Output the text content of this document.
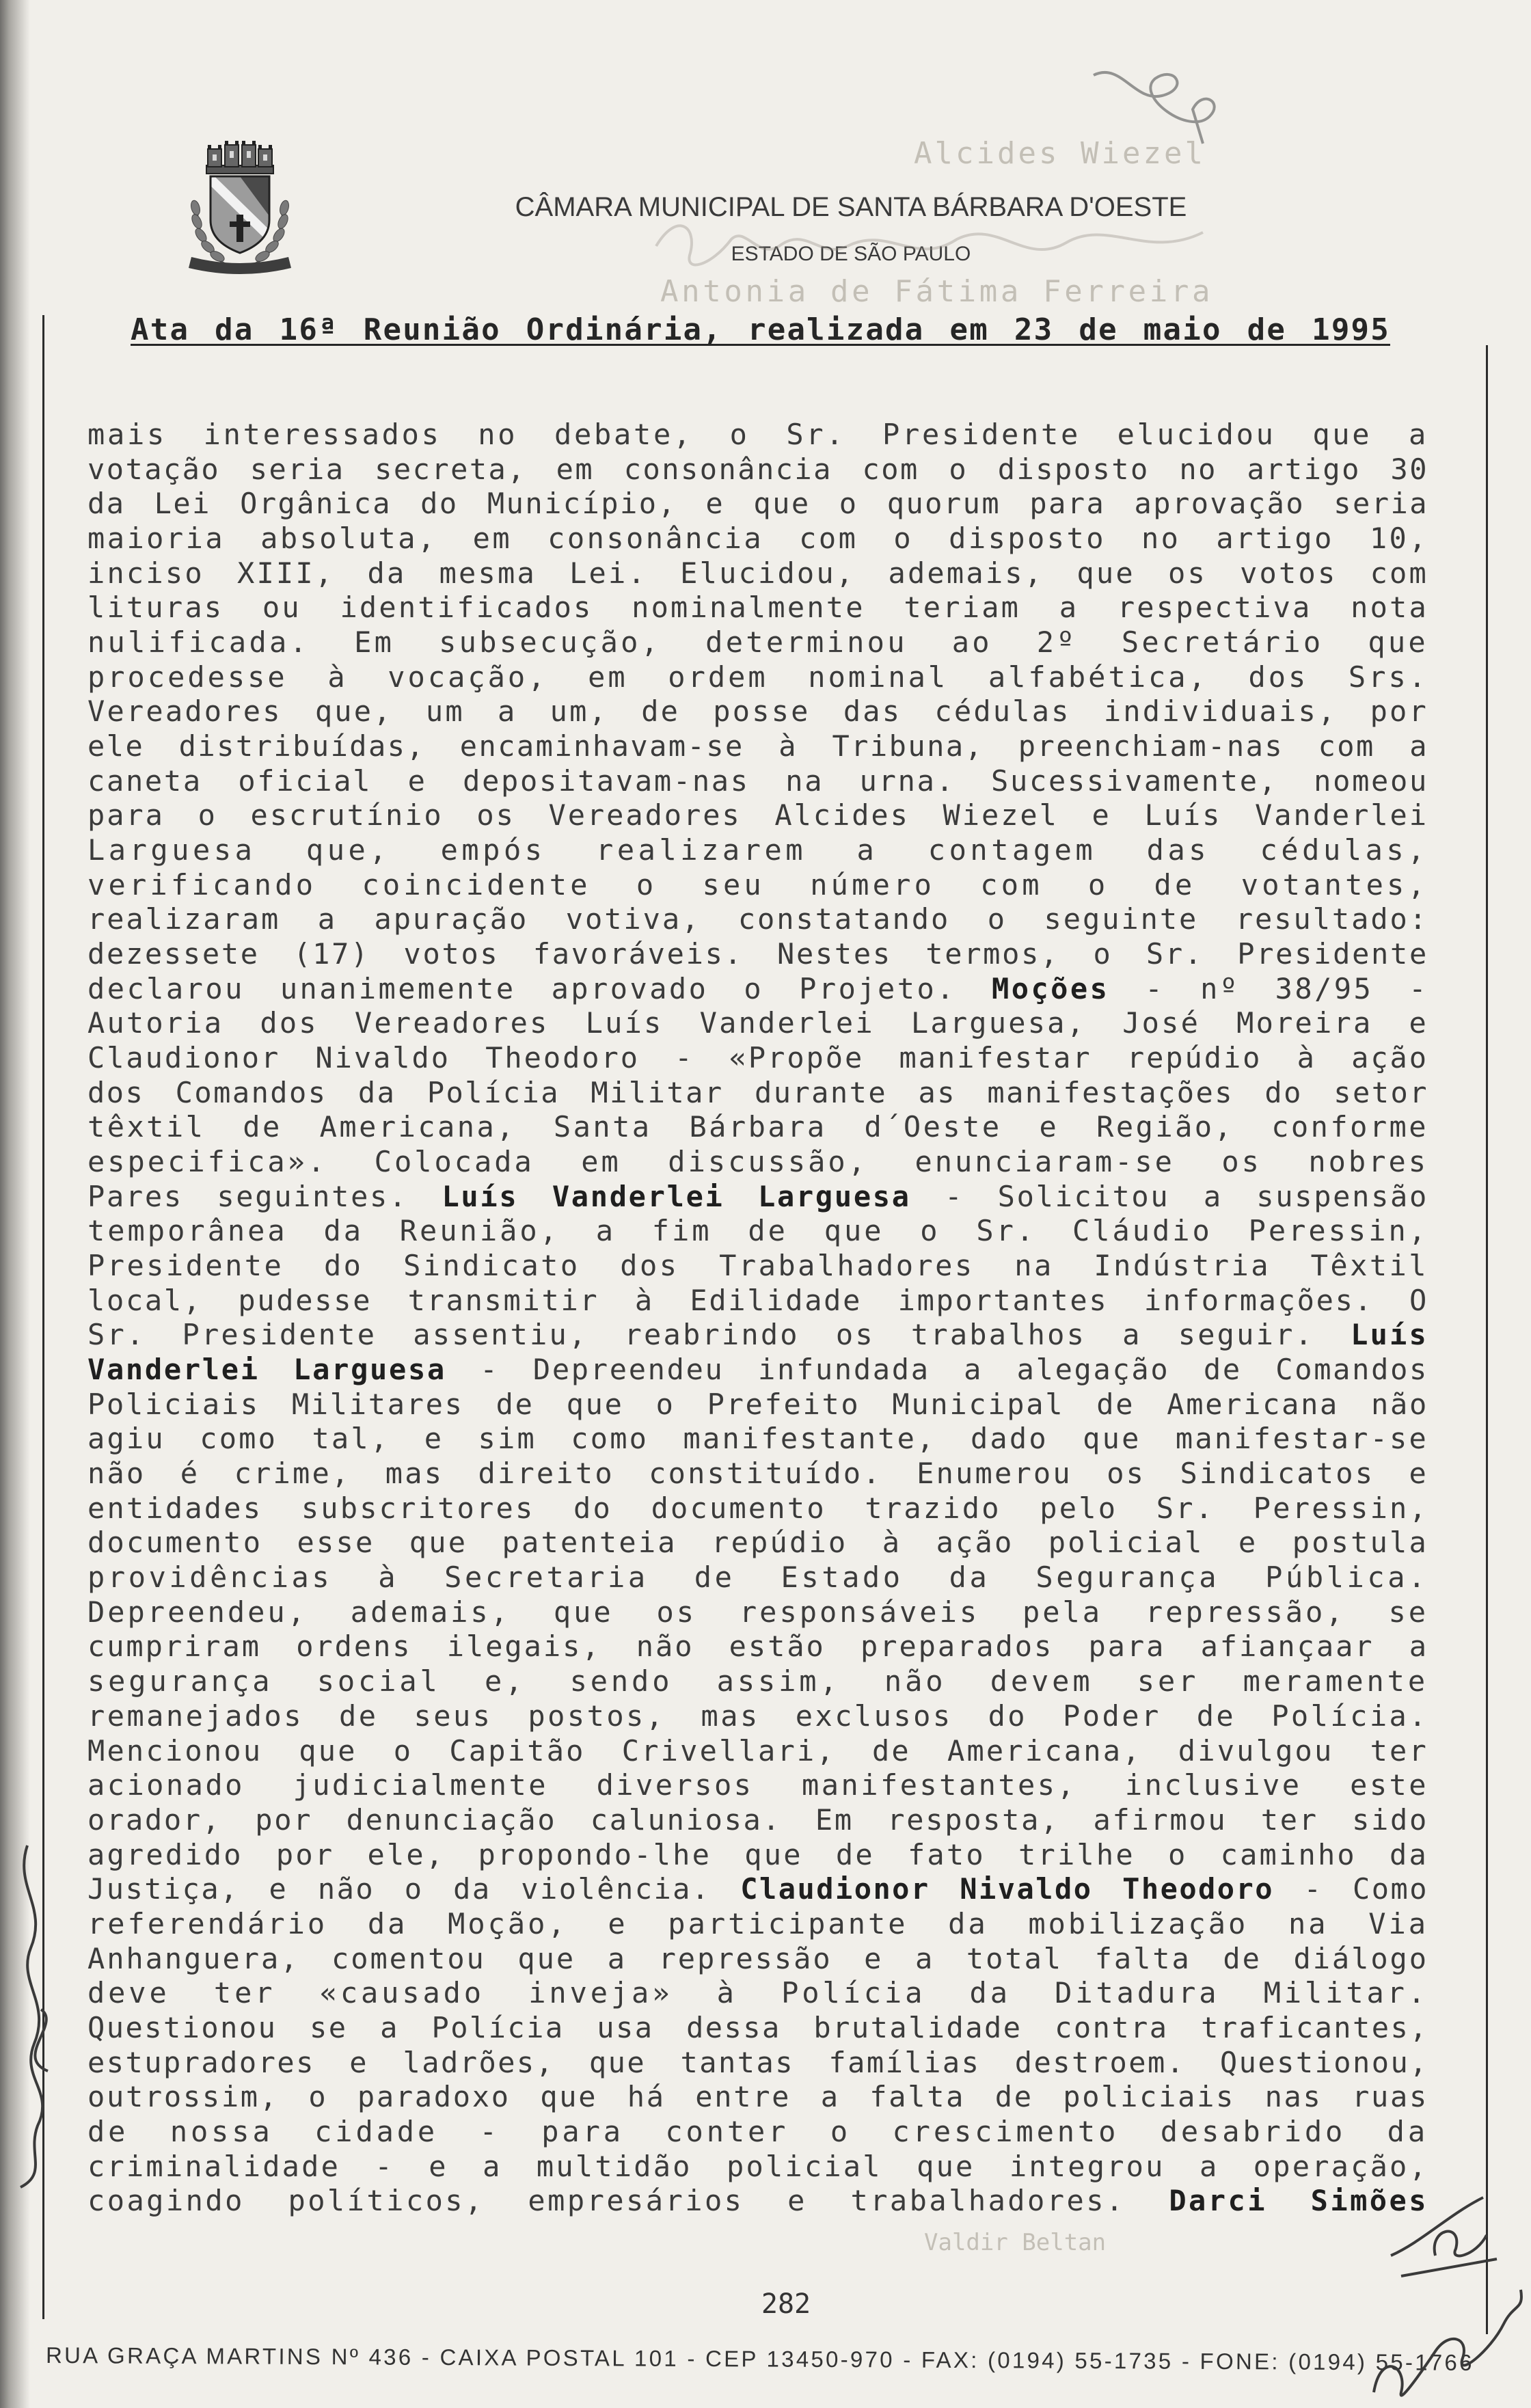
Alcides Wiezel
Antonia de Fátima Ferreira
Valdir Beltan
CÂMARA MUNICIPAL DE SANTA BÁRBARA D'OESTE
ESTADO DE SÃO PAULO
Ata da 16ª Reunião Ordinária, realizada em 23 de maio de 1995
mais interessados no debate, o Sr. Presidente elucidou que a
votação seria secreta, em consonância com o disposto no artigo 30
da Lei Orgânica do Município, e que o quorum para aprovação seria
maioria absoluta, em consonância com o disposto no artigo 10,
inciso XIII, da mesma Lei. Elucidou, ademais, que os votos com
lituras ou identificados nominalmente teriam a respectiva nota
nulificada. Em subsecução, determinou ao 2º Secretário que
procedesse à vocação, em ordem nominal alfabética, dos Srs.
Vereadores que, um a um, de posse das cédulas individuais, por
ele distribuídas, encaminhavam-se à Tribuna, preenchiam-nas com a
caneta oficial e depositavam-nas na urna. Sucessivamente, nomeou
para o escrutínio os Vereadores Alcides Wiezel e Luís Vanderlei
Larguesa que, empós realizarem a contagem das cédulas,
verificando coincidente o seu número com o de votantes,
realizaram a apuração votiva, constatando o seguinte resultado:
dezessete (17) votos favoráveis. Nestes termos, o Sr. Presidente
declarou unanimemente aprovado o Projeto. Moções - nº 38/95 -
Autoria dos Vereadores Luís Vanderlei Larguesa, José Moreira e
Claudionor Nivaldo Theodoro - «Propõe manifestar repúdio à ação
dos Comandos da Polícia Militar durante as manifestações do setor
têxtil de Americana, Santa Bárbara d´Oeste e Região, conforme
especifica». Colocada em discussão, enunciaram-se os nobres
Pares seguintes. Luís Vanderlei Larguesa - Solicitou a suspensão
temporânea da Reunião, a fim de que o Sr. Cláudio Peressin,
Presidente do Sindicato dos Trabalhadores na Indústria Têxtil
local, pudesse transmitir à Edilidade importantes informações. O
Sr. Presidente assentiu, reabrindo os trabalhos a seguir. Luís
Vanderlei Larguesa - Depreendeu infundada a alegação de Comandos
Policiais Militares de que o Prefeito Municipal de Americana não
agiu como tal, e sim como manifestante, dado que manifestar-se
não é crime, mas direito constituído. Enumerou os Sindicatos e
entidades subscritores do documento trazido pelo Sr. Peressin,
documento esse que patenteia repúdio à ação policial e postula
providências à Secretaria de Estado da Segurança Pública.
Depreendeu, ademais, que os responsáveis pela repressão, se
cumpriram ordens ilegais, não estão preparados para afiançaar a
segurança social e, sendo assim, não devem ser meramente
remanejados de seus postos, mas exclusos do Poder de Polícia.
Mencionou que o Capitão Crivellari, de Americana, divulgou ter
acionado judicialmente diversos manifestantes, inclusive este
orador, por denunciação caluniosa. Em resposta, afirmou ter sido
agredido por ele, propondo-lhe que de fato trilhe o caminho da
Justiça, e não o da violência. Claudionor Nivaldo Theodoro - Como
referendário da Moção, e participante da mobilização na Via
Anhanguera, comentou que a repressão e a total falta de diálogo
deve ter «causado inveja» à Polícia da Ditadura Militar.
Questionou se a Polícia usa dessa brutalidade contra traficantes,
estupradores e ladrões, que tantas famílias destroem. Questionou,
outrossim, o paradoxo que há entre a falta de policiais nas ruas
de nossa cidade - para conter o crescimento desabrido da
criminalidade - e a multidão policial que integrou a operação,
coagindo políticos, empresários e trabalhadores. Darci Simões
282
RUA GRAÇA MARTINS Nº 436 - CAIXA POSTAL 101 - CEP 13450-970 - FAX: (0194) 55-1735 - FONE: (0194) 55-1766
